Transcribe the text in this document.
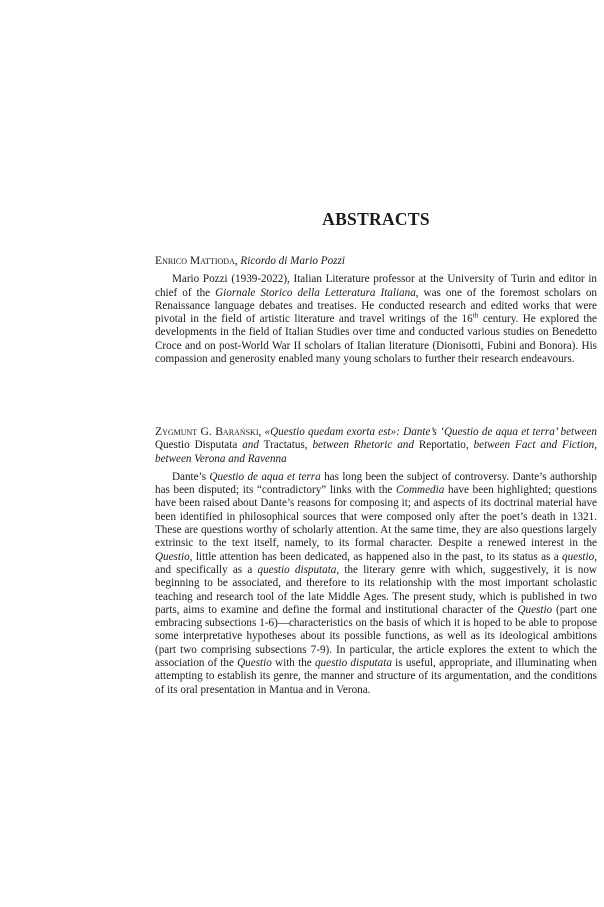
ABSTRACTS
Enrico Mattioda, Ricordo di Mario Pozzi

Mario Pozzi (1939-2022), Italian Literature professor at the University of Turin and editor in chief of the Giornale Storico della Letteratura Italiana, was one of the foremost scholars on Renaissance language debates and treatises. He conducted research and edited works that were pivotal in the field of artistic literature and travel writings of the 16th century. He explored the developments in the field of Italian Studies over time and conducted various studies on Benedetto Croce and on post-World War II scholars of Italian literature (Dionisotti, Fubini and Bonora). His compassion and generosity enabled many young scholars to further their research endeavours.

Zygmunt G. Barański, «Questio quedam exorta est»: Dante’s ‘Questio de aqua et terra’ between Questio Disputata and Tractatus, between Rhetoric and Reportatio, between Fact and Fiction, between Verona and Ravenna

Dante’s Questio de aqua et terra has long been the subject of controversy. Dante’s authorship has been disputed; its “contradictory” links with the Commedia have been highlighted; questions have been raised about Dante’s reasons for composing it; and aspects of its doctrinal material have been identified in philosophical sources that were composed only after the poet’s death in 1321. These are questions worthy of scholarly attention. At the same time, they are also questions largely extrinsic to the text itself, namely, to its formal character. Despite a renewed interest in the Questio, little attention has been dedicated, as happened also in the past, to its status as a questio, and specifically as a questio disputata, the literary genre with which, suggestively, it is now beginning to be associated, and therefore to its relationship with the most important scholastic teaching and research tool of the late Middle Ages. The present study, which is published in two parts, aims to examine and define the formal and institutional character of the Questio (part one embracing subsections 1-6)—characteristics on the basis of which it is hoped to be able to propose some interpretative hypotheses about its possible functions, as well as its ideological ambitions (part two comprising subsections 7-9). In particular, the article explores the extent to which the association of the Questio with the questio disputata is useful, appropriate, and illuminating when attempting to establish its genre, the manner and structure of its argumentation, and the conditions of its oral presentation in Mantua and in Verona.
